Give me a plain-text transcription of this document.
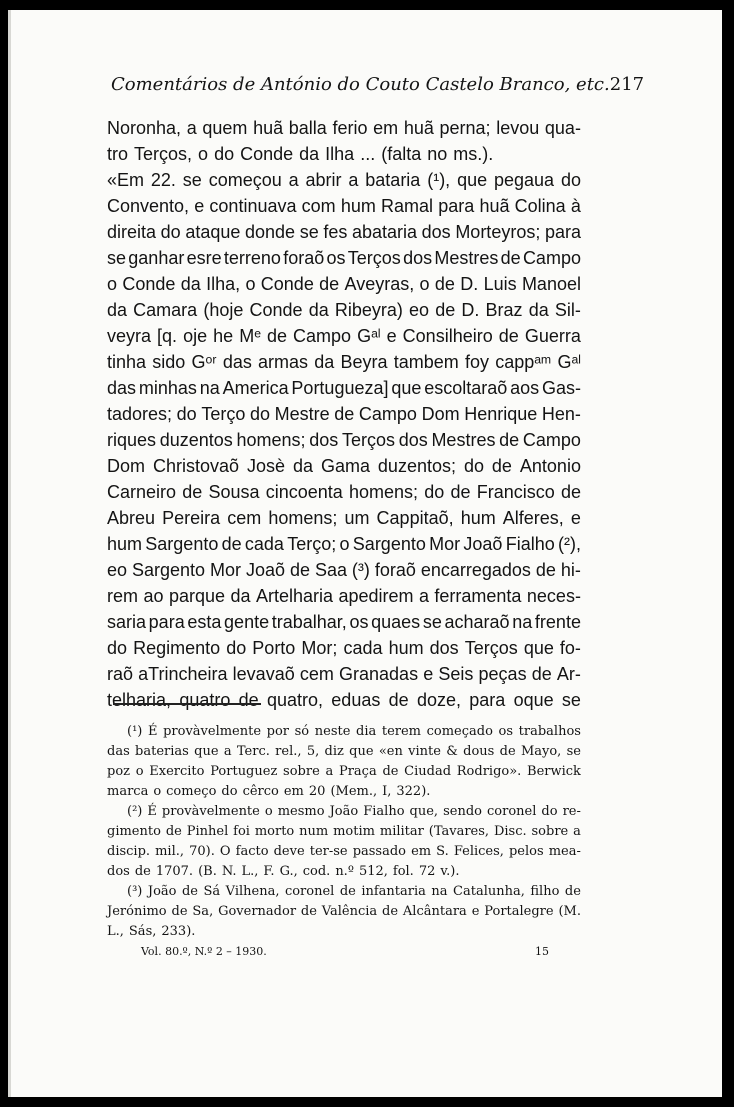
Comentários de António do Couto Castelo Branco, etc. 217
Noronha, a quem huã balla ferio em huã perna; levou qua-
tro Terços, o do Conde da Ilha ... (falta no ms.).
«Em 22. se começou a abrir a bataria (¹), que pegaua do
Convento, e continuava com hum Ramal para huã Colina à
direita do ataque donde se fes abataria dos Morteyros; para
se ganhar esre terreno foraõ os Terços dos Mestres de Campo
o Conde da Ilha, o Conde de Aveyras, o de D. Luis Manoel
da Camara (hoje Conde da Ribeyra) eo de D. Braz da Sil-
veyra [q. oje he Mᵉ de Campo Gᵃˡ e Consilheiro de Guerra
tinha sido Gᵒʳ das armas da Beyra tambem foy cappᵃᵐ Gᵃˡ
das minhas na America Portugueza] que escoltaraõ aos Gas-
tadores; do Terço do Mestre de Campo Dom Henrique Hen-
riques duzentos homens; dos Terços dos Mestres de Campo
Dom Christovaõ Josè da Gama duzentos; do de Antonio
Carneiro de Sousa cincoenta homens; do de Francisco de
Abreu Pereira cem homens; um Cappitaõ, hum Alferes, e
hum Sargento de cada Terço; o Sargento Mor Joaõ Fialho (²),
eo Sargento Mor Joaõ de Saa (³) foraõ encarregados de hi-
rem ao parque da Artelharia apedirem a ferramenta neces-
saria para esta gente trabalhar, os quaes se acharaõ na frente
do Regimento do Porto Mor; cada hum dos Terços que fo-
raõ aTrincheira levavaõ cem Granadas e Seis peças de Ar-
telharia, quatro de quatro, eduas de doze, para oque se
(¹) É provàvelmente por só neste dia terem começado os trabalhos
das baterias que a Terc. rel., 5, diz que «en vinte & dous de Mayo, se
poz o Exercito Portuguez sobre a Praça de Ciudad Rodrigo». Berwick
marca o começo do cêrco em 20 (Mem., I, 322).
(²) É provàvelmente o mesmo João Fialho que, sendo coronel do re-
gimento de Pinhel foi morto num motim militar (Tavares, Disc. sobre a
discip. mil., 70). O facto deve ter-se passado em S. Felices, pelos mea-
dos de 1707. (B. N. L., F. G., cod. n.º 512, fol. 72 v.).
(³) João de Sá Vilhena, coronel de infantaria na Catalunha, filho de
Jerónimo de Sa, Governador de Valência de Alcântara e Portalegre (M.
L., Sás, 233).
Vol. 80.º, N.º 2 – 1930.	15
